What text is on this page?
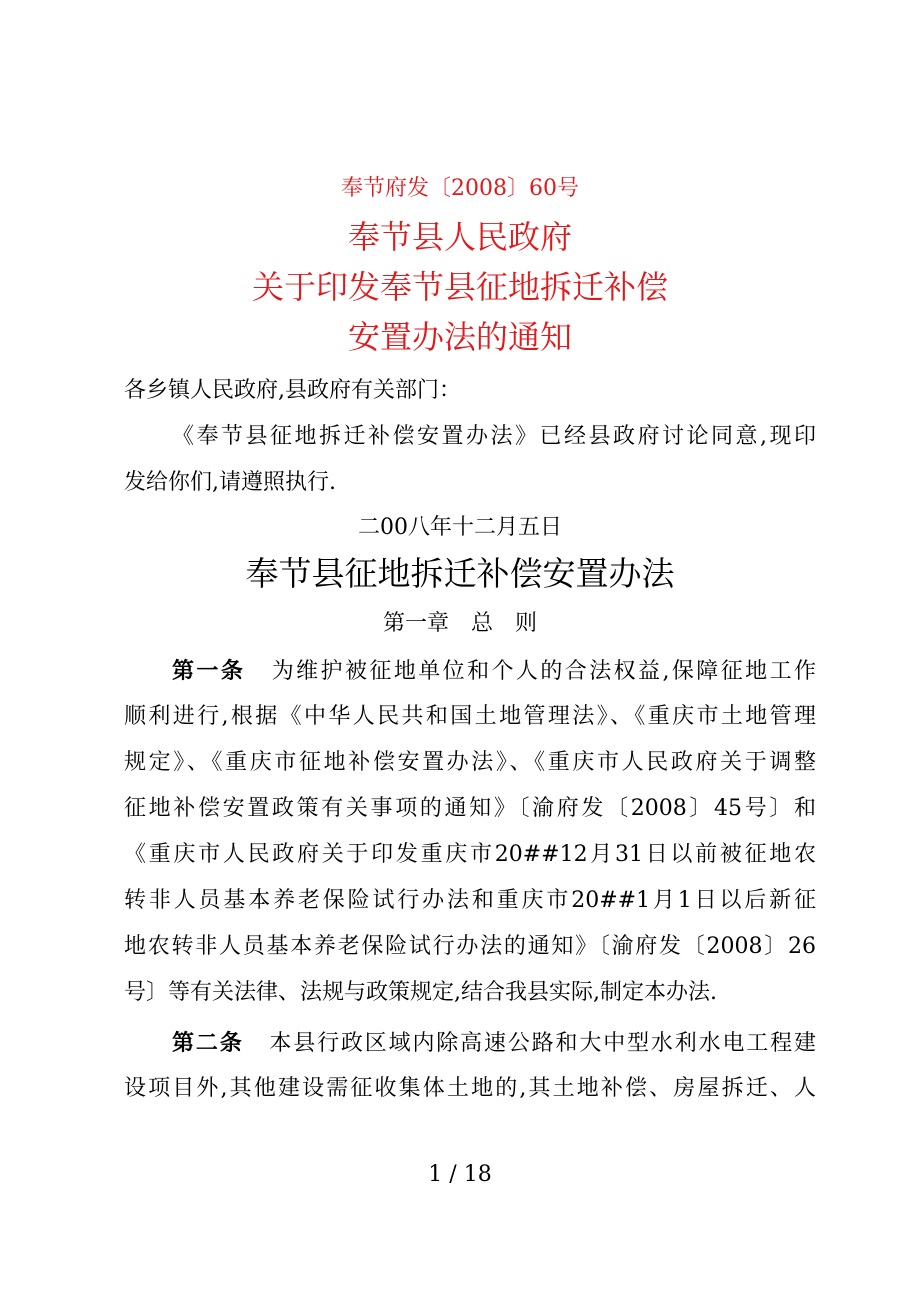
奉节府发〔2008〕60号
奉节县人民政府
关于印发奉节县征地拆迁补偿
安置办法的通知
各乡镇人民政府,县政府有关部门：
《奉节县征地拆迁补偿安置办法》已经县政府讨论同意,现印
发给你们,请遵照执行.
二00八年十二月五日
奉节县征地拆迁补偿安置办法
第一章　总　则
第一条 为维护被征地单位和个人的合法权益,保障征地工作
顺利进行,根据《中华人民共和国土地管理法》、《重庆市土地管理
规定》、《重庆市征地补偿安置办法》、《重庆市人民政府关于调整
征地补偿安置政策有关事项的通知》〔渝府发〔2008〕45号〕和
《重庆市人民政府关于印发重庆市20##12月31日以前被征地农
转非人员基本养老保险试行办法和重庆市20##1月1日以后新征
地农转非人员基本养老保险试行办法的通知》〔渝府发〔2008〕26
号〕等有关法律、法规与政策规定,结合我县实际,制定本办法.
第二条 本县行政区域内除高速公路和大中型水利水电工程建
设项目外,其他建设需征收集体土地的,其土地补偿、房屋拆迁、人
1 / 18
